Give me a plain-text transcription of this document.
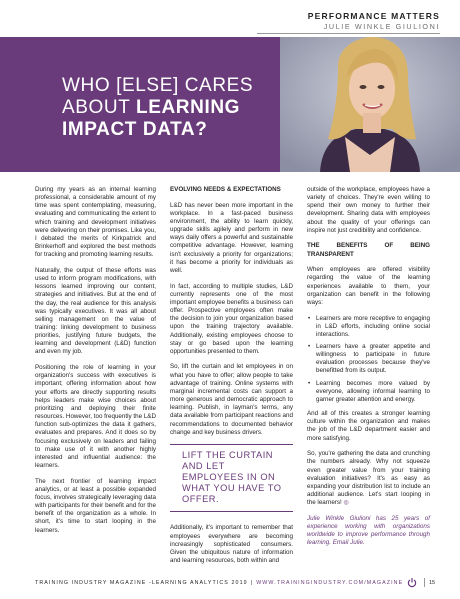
PERFORMANCE MATTERS
JULIE WINKLE GIULIONI
WHO [ELSE] CARES
ABOUT LEARNING
IMPACT DATA?

During my years as an internal learning professional, a considerable amount of my time was spent contemplating, measuring, evaluating and communicating the extent to which training and development initiatives were delivering on their promises. Like you, I debated the merits of Kirkpatrick and Brinkerhoff and explored the best methods for tracking and promoting learning results.

Naturally, the output of these efforts was used to inform program modifications, with lessons learned improving our content, strategies and initiatives. But at the end of the day, the real audience for this analysis was typically executives. It was all about selling management on the value of training: linking development to business priorities, justifying future budgets, the learning and development (L&D) function and even my job.

Positioning the role of learning in your organization's success with executives is important; offering information about how your efforts are directly supporting results helps leaders make wise choices about prioritizing and deploying their finite resources. However, too frequently the L&D function sub-optimizes the data it gathers, evaluates and prepares. And it does so by focusing exclusively on leaders and failing to make use of it with another highly interested and influential audience: the learners.

The next frontier of learning impact analytics, or at least a possible expanded focus, involves strategically leveraging data with participants for their benefit and for the benefit of the organization as a whole. In short, it's time to start looping in the learners.

EVOLVING NEEDS & EXPECTATIONS

L&D has never been more important in the workplace. In a fast-paced business environment, the ability to learn quickly, upgrade skills agilely and perform in new ways daily offers a powerful and sustainable competitive advantage. However, learning isn't exclusively a priority for organizations; it has become a priority for individuals as well.

In fact, according to multiple studies, L&D currently represents one of the most important employee benefits a business can offer. Prospective employees often make the decision to join your organization based upon the training trajectory available. Additionally, existing employees choose to stay or go based upon the learning opportunities presented to them.

So, lift the curtain and let employees in on what you have to offer; allow people to take advantage of training. Online systems with marginal incremental costs can support a more generous and democratic approach to learning. Publish, in layman's terms, any data available from participant reactions and recommendations to documented behavior change and key business drivers.

LIFT THE CURTAIN AND LET EMPLOYEES IN ON WHAT YOU HAVE TO OFFER.

Additionally, it's important to remember that employees everywhere are becoming increasingly sophisticated consumers. Given the ubiquitous nature of information and learning resources, both within and

outside of the workplace, employees have a variety of choices. They're even willing to spend their own money to further their development. Sharing data with employees about the quality of your offerings can inspire not just credibility and confidence.

THE BENEFITS OF BEING TRANSPARENT

When employees are offered visibility regarding the value of the learning experiences available to them, your organization can benefit in the following ways:

• Learners are more receptive to engaging in L&D efforts, including online social interactions.
• Learners have a greater appetite and willingness to participate in future evaluation processes because they've benefitted from its output.
• Learning becomes more valued by everyone, allowing informal learning to garner greater attention and energy.

And all of this creates a stronger learning culture within the organization and makes the job of the L&D department easier and more satisfying.

So, you're gathering the data and crunching the numbers already. Why not squeeze even greater value from your training evaluation initiatives? It's as easy as expanding your distribution list to include an additional audience. Let's start looping in the learners! ◎

Julie Winkle Giulioni has 25 years of experience working with organizations worldwide to improve performance through learning. Email Julie.

TRAINING INDUSTRY MAGAZINE -LEARNING ANALYTICS 2019 | WWW.TRAININGINDUSTRY.COM/MAGAZINE	15
